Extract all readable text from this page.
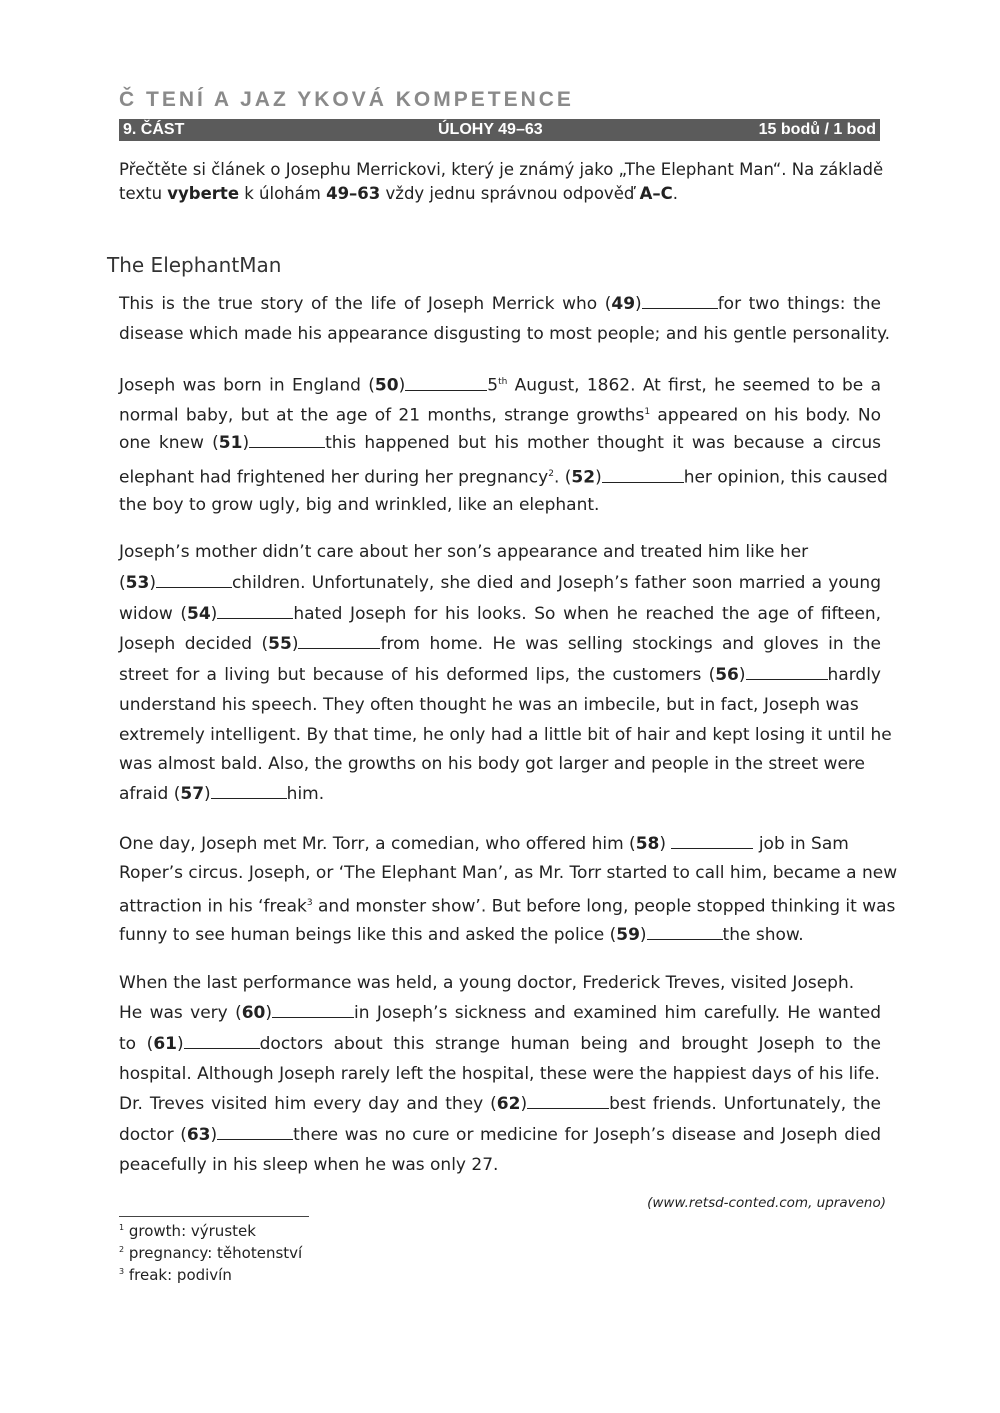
Č TENÍ A JAZ YKOVÁ KOMPETENCE
9. ČÁST	ÚLOHY 49–63	15 bodů / 1 bod
Přečtěte si článek o Josephu Merrickovi, který je známý jako „The Elephant Man“. Na základě
textu vyberte k úlohám 49–63 vždy jednu správnou odpověď A–C.
The ElephantMan
This is the true story of the life of Joseph Merrick who (49)	for two things: the
disease which made his appearance disgusting to most people; and his gentle personality.
Joseph was born in England (50)	5th August, 1862. At first, he seemed to be a
normal baby, but at the age of 21 months, strange growths$^1$ appeared on his body. No
one knew (51)	this happened but his mother thought it was because a circus
elephant had frightened her during her pregnancy$^2$. (52)	her opinion, this caused
the boy to grow ugly, big and wrinkled, like an elephant.
Joseph’s mother didn’t care about her son’s appearance and treated him like her
(53)	children. Unfortunately, she died and Joseph’s father soon married a young
widow (54)	hated Joseph for his looks. So when he reached the age of fifteen,
Joseph decided (55)	from home. He was selling stockings and gloves in the
street for a living but because of his deformed lips, the customers (56)	hardly
understand his speech. They often thought he was an imbecile, but in fact, Joseph was
extremely intelligent. By that time, he only had a little bit of hair and kept losing it until he
was almost bald. Also, the growths on his body got larger and people in the street were
afraid (57)	him.
One day, Joseph met Mr. Torr, a comedian, who offered him (58)	job in Sam
Roper’s circus. Joseph, or ‘The Elephant Man’, as Mr. Torr started to call him, became a new
attraction in his ‘freak$^3$ and monster show’. But before long, people stopped thinking it was
funny to see human beings like this and asked the police (59)	the show.
When the last performance was held, a young doctor, Frederick Treves, visited Joseph.
He was very (60)	in Joseph’s sickness and examined him carefully. He wanted
to (61)	doctors about this strange human being and brought Joseph to the
hospital. Although Joseph rarely left the hospital, these were the happiest days of his life.
Dr. Treves visited him every day and they (62)	best friends. Unfortunately, the
doctor (63)	there was no cure or medicine for Joseph’s disease and Joseph died
peacefully in his sleep when he was only 27.
(www.retsd-conted.com, upraveno)
$^1$ growth: výrustek
$^2$ pregnancy: těhotenství
$^3$ freak: podivín
